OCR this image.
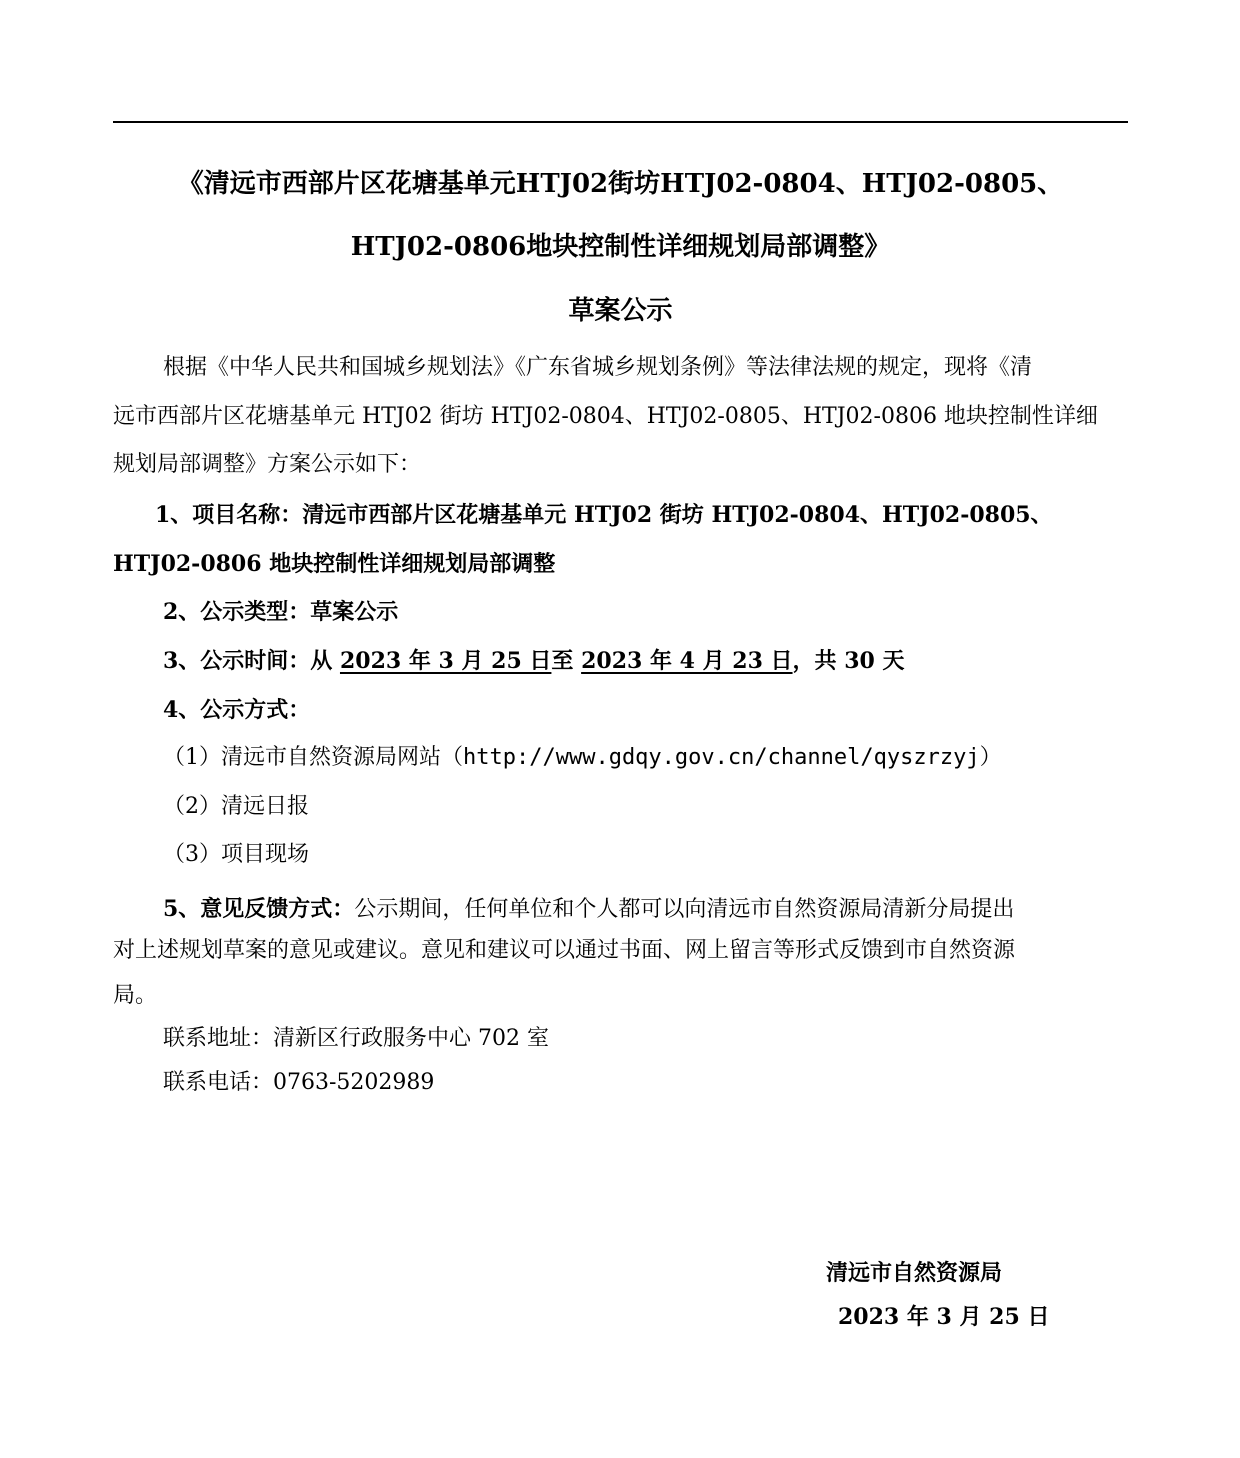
《清远市西部片区花塘基单元HTJ02街坊HTJ02-0804、HTJ02-0805、
HTJ02-0806地块控制性详细规划局部调整》
草案公示
根据《中华人民共和国城乡规划法》《广东省城乡规划条例》等法律法规的规定，现将《清
远市西部片区花塘基单元 HTJ02 街坊 HTJ02-0804、HTJ02-0805、HTJ02-0806 地块控制性详细
规划局部调整》方案公示如下：
1、项目名称：清远市西部片区花塘基单元 HTJ02 街坊 HTJ02-0804、HTJ02-0805、
HTJ02-0806 地块控制性详细规划局部调整
2、公示类型：草案公示
3、公示时间：从 2023 年 3 月 25 日至 2023 年 4 月 23 日，共 30 天
4、公示方式：
（1）清远市自然资源局网站（http://www.gdqy.gov.cn/channel/qyszrzyj）
（2）清远日报
（3）项目现场
5、意见反馈方式：公示期间，任何单位和个人都可以向清远市自然资源局清新分局提出
对上述规划草案的意见或建议。意见和建议可以通过书面、网上留言等形式反馈到市自然资源
局。
联系地址：清新区行政服务中心 702 室
联系电话：0763-5202989
清远市自然资源局
2023 年 3 月 25 日
